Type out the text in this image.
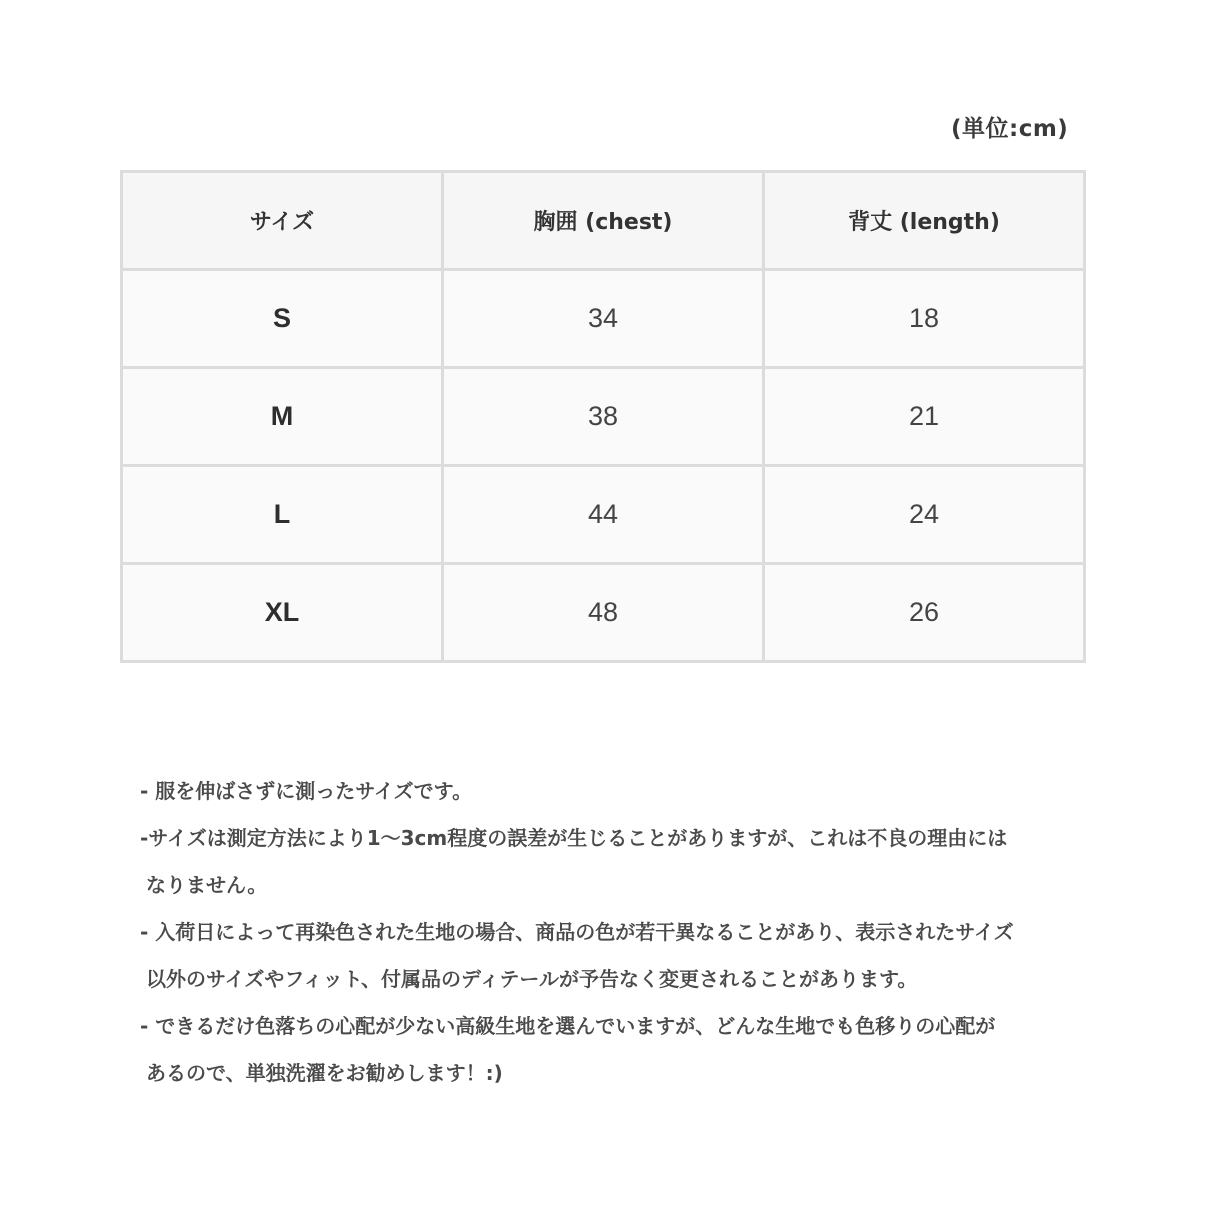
(単位:cm)
サイズ	胸囲 (chest)	背丈 (length)
S	34	18
M	38	21
L	44	24
XL	48	26
- 服を伸ばさずに測ったサイズです。
-サイズは測定方法により1～3cm程度の誤差が生じることがありますが、これは不良の理由には
なりません。
- 入荷日によって再染色された生地の場合、商品の色が若干異なることがあり、表示されたサイズ
以外のサイズやフィット、付属品のディテールが予告なく変更されることがあります。
- できるだけ色落ちの心配が少ない高級生地を選んでいますが、どんな生地でも色移りの心配が
あるので、単独洗濯をお勧めします！:)
